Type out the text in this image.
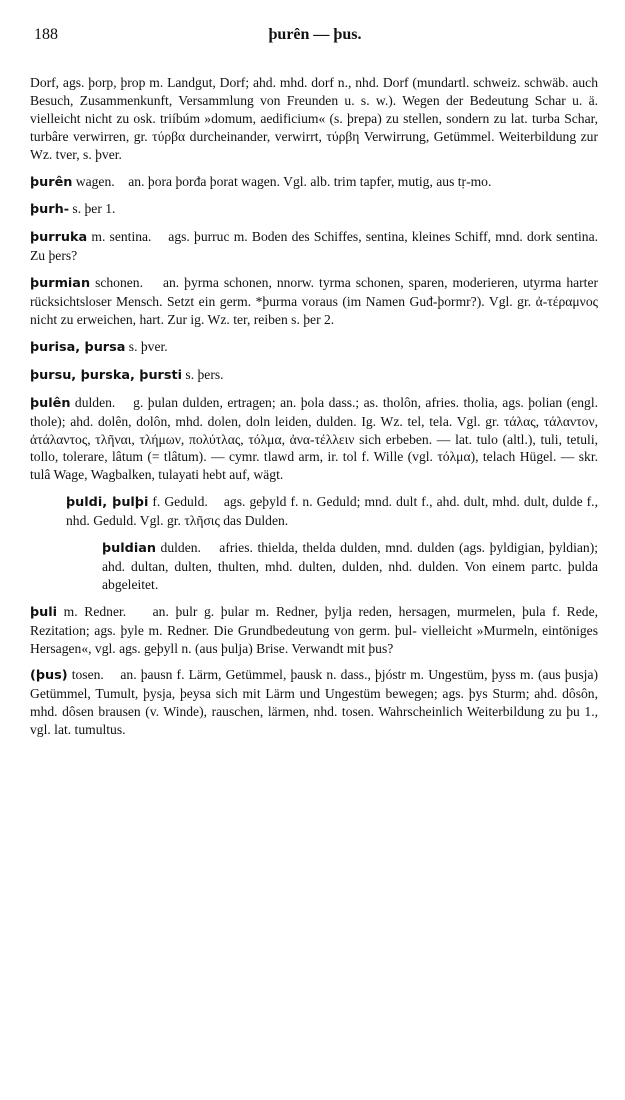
188	þurên — þus.

Dorf, ags. þorp, þrop m. Landgut, Dorf; ahd. mhd. dorf n., nhd. Dorf (mundartl. schweiz. schwäb. auch Besuch, Zusammenkunft, Versammlung von Freunden u. s. w.). Wegen der Bedeutung Schar u. ä. vielleicht nicht zu osk. triíbúm »domum, aedificium« (s. þrepa) zu stellen, sondern zu lat. turba Schar, turbâre verwirren, gr. τύρβα durcheinander, verwirrt, τύρβη Verwirrung, Getümmel. Weiterbildung zur Wz. tver, s. þver.

þurên wagen. an. þora þorđa þorat wagen. Vgl. alb. trim tapfer, mutig, aus tṛ-mo.

þurh- s. þer 1.

þurruka m. sentina. ags. þurruc m. Boden des Schiffes, sentina, kleines Schiff, mnd. dork sentina. Zu þers?

þurmian schonen. an. þyrma schonen, nnorw. tyrma schonen, sparen, moderieren, utyrma harter rücksichtsloser Mensch. Setzt ein germ. *þurma voraus (im Namen Guđ-þormr?). Vgl. gr. ἀ-τέραμνος nicht zu erweichen, hart. Zur ig. Wz. ter, reiben s. þer 2.

þurisa, þursa s. þver.

þursu, þurska, þursti s. þers.

þulên dulden. g. þulan dulden, ertragen; an. þola dass.; as. tholôn, afries. tholia, ags. þolian (engl. thole); ahd. dolên, dolôn, mhd. dolen, doln leiden, dulden. Ig. Wz. tel, tela. Vgl. gr. τάλας, τάλαντον, ἀτάλαντος, τλῆναι, τλήμων, πολύτλας, τόλμα, ἀνα-τέλλειν sich erbeben. — lat. tulo (altl.), tuli, tetuli, tollo, tolerare, lâtum (= tlâtum). — cymr. tlawd arm, ir. tol f. Wille (vgl. τόλμα), telach Hügel. — skr. tulâ Wage, Wagbalken, tulayati hebt auf, wägt.

þuldi, þulþi f. Geduld. ags. geþyld f. n. Geduld; mnd. dult f., ahd. dult, mhd. dult, dulde f., nhd. Geduld. Vgl. gr. τλῆσις das Dulden.

þuldian dulden. afries. thielda, thelda dulden, mnd. dulden (ags. þyldigian, þyldian); ahd. dultan, dulten, thulten, mhd. dulten, dulden, nhd. dulden. Von einem partc. þulda abgeleitet.

þuli m. Redner. an. þulr g. þular m. Redner, þylja reden, hersagen, murmelen, þula f. Rede, Rezitation; ags. þyle m. Redner. Die Grundbedeutung von germ. þul- vielleicht »Murmeln, eintöniges Hersagen«, vgl. ags. geþyll n. (aus þulja) Brise. Verwandt mit þus?

(þus) tosen. an. þausn f. Lärm, Getümmel, þausk n. dass., þjóstr m. Ungestüm, þyss m. (aus þusja) Getümmel, Tumult, þysja, þeysa sich mit Lärm und Ungestüm bewegen; ags. þys Sturm; ahd. dôsôn, mhd. dôsen brausen (v. Winde), rauschen, lärmen, nhd. tosen. Wahrscheinlich Weiterbildung zu þu 1., vgl. lat. tumultus.
